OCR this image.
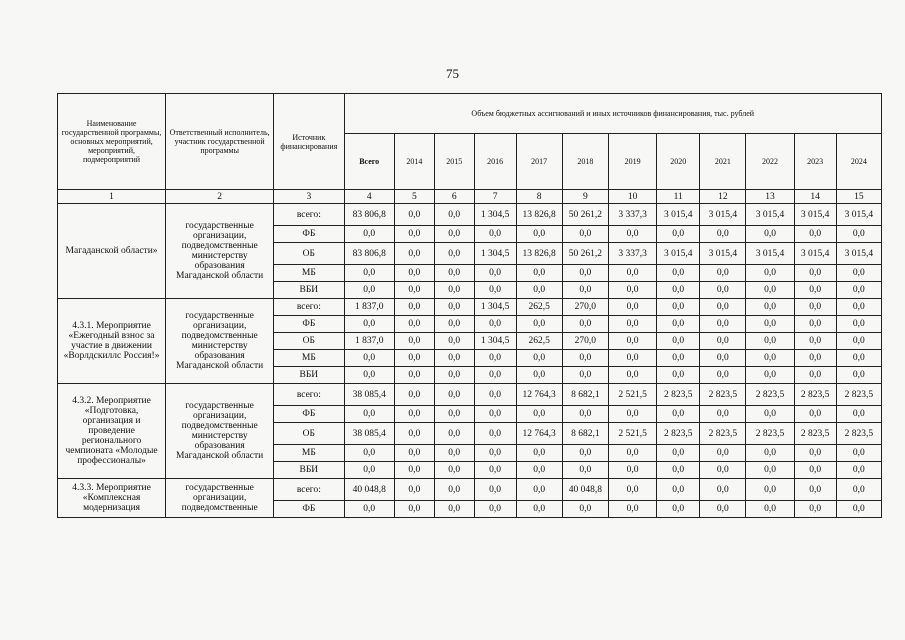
75
Наименование государственной программы, основных мероприятий, мероприятий, подмероприятий	Ответственный исполнитель, участник государственной программы	Источник финансирования	Объем бюджетных ассигнований и иных источников финансирования, тыс. рублей											
			Всего	2014	2015	2016	2017	2018	2019	2020	2021	2022	2023	2024
1	2	3	4	5	6	7	8	9	10	11	12	13	14	15
Магаданской области»	государственные организации, подведомственные министерству образования Магаданской области	всего:	83 806,8	0,0	0,0	1 304,5	13 826,8	50 261,2	3 337,3	3 015,4	3 015,4	3 015,4	3 015,4	3 015,4
		ФБ	0,0	0,0	0,0	0,0	0,0	0,0	0,0	0,0	0,0	0,0	0,0	0,0
		ОБ	83 806,8	0,0	0,0	1 304,5	13 826,8	50 261,2	3 337,3	3 015,4	3 015,4	3 015,4	3 015,4	3 015,4
		МБ	0,0	0,0	0,0	0,0	0,0	0,0	0,0	0,0	0,0	0,0	0,0	0,0
		ВБИ	0,0	0,0	0,0	0,0	0,0	0,0	0,0	0,0	0,0	0,0	0,0	0,0
4.3.1. Мероприятие «Ежегодный взнос за участие в движении «Ворлдскиллс Россия!»	государственные организации, подведомственные министерству образования Магаданской области	всего:	1 837,0	0,0	0,0	1 304,5	262,5	270,0	0,0	0,0	0,0	0,0	0,0	0,0
		ФБ	0,0	0,0	0,0	0,0	0,0	0,0	0,0	0,0	0,0	0,0	0,0	0,0
		ОБ	1 837,0	0,0	0,0	1 304,5	262,5	270,0	0,0	0,0	0,0	0,0	0,0	0,0
		МБ	0,0	0,0	0,0	0,0	0,0	0,0	0,0	0,0	0,0	0,0	0,0	0,0
		ВБИ	0,0	0,0	0,0	0,0	0,0	0,0	0,0	0,0	0,0	0,0	0,0	0,0
4.3.2. Мероприятие «Подготовка, организация и проведение регионального чемпионата «Молодые профессионалы»	государственные организации, подведомственные министерству образования Магаданской области	всего:	38 085,4	0,0	0,0	0,0	12 764,3	8 682,1	2 521,5	2 823,5	2 823,5	2 823,5	2 823,5	2 823,5
		ФБ	0,0	0,0	0,0	0,0	0,0	0,0	0,0	0,0	0,0	0,0	0,0	0,0
		ОБ	38 085,4	0,0	0,0	0,0	12 764,3	8 682,1	2 521,5	2 823,5	2 823,5	2 823,5	2 823,5	2 823,5
		МБ	0,0	0,0	0,0	0,0	0,0	0,0	0,0	0,0	0,0	0,0	0,0	0,0
		ВБИ	0,0	0,0	0,0	0,0	0,0	0,0	0,0	0,0	0,0	0,0	0,0	0,0
4.3.3. Мероприятие «Комплексная модернизация	государственные организации, подведомственные	всего:	40 048,8	0,0	0,0	0,0	0,0	40 048,8	0,0	0,0	0,0	0,0	0,0	0,0
		ФБ	0,0	0,0	0,0	0,0	0,0	0,0	0,0	0,0	0,0	0,0	0,0	0,0
